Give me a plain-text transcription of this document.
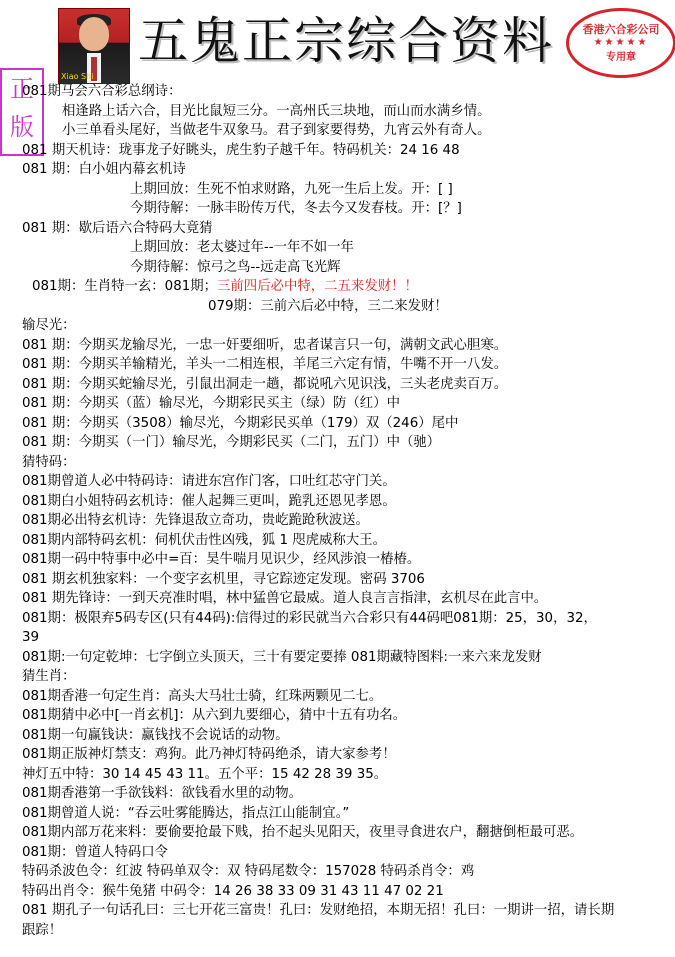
Xiao Shi
五鬼正宗综合资料	香港六合彩公司
★★★★★
专用章
正
版
081期马会六合彩总纲诗：
相逢路上话六合，目光比鼠短三分。一高州氏三块地，而山而水满乡情。
小三单看头尾好，当做老牛双象马。君子到家要得势，九宵云外有奇人。
081 期天机诗：珑事龙子好眺头，虎生豹子越千年。特码机关：24 16 48
081 期：白小姐内幕玄机诗
上期回放：生死不怕求财路，九死一生后上发。开：[ ]
今期待解：一脉丰盼传万代，冬去今又发春枝。开：[？]
081 期：歇后语六合特码大竟猜
上期回放：老太婆过年--一年不如一年
今期待解：惊弓之鸟--远走高飞光辉
081期：生肖特一玄：081期；三前四后必中特，二五来发财！！
079期：三前六后必中特，三二来发财！
输尽光：
081 期：今期买龙输尽光，一忠一奸要细听，忠者谋言只一句，满朝文武心胆寒。
081 期：今期买羊输精光，羊头一二相连根，羊尾三六定有情，牛嘴不开一八发。
081 期：今期买蛇输尽光，引鼠出洞走一趟，都说吼六见识浅，三头老虎卖百万。
081 期：今期买（蓝）输尽光，今期彩民买主（绿）防（红）中
081 期：今期买（3508）输尽光，今期彩民买单（179）双（246）尾中
081 期：今期买（一门）输尽光，今期彩民买（二门，五门）中（驰）
猜特码：
081期曾道人必中特码诗：请进东宫作门客，口吐红芯守门关。
081期白小姐特码玄机诗：催人起舞三更叫，跪乳还恩见孝恩。
081期必出特玄机诗：先锋退敌立奇功，贵屹跪跄秋波送。
081期内部特码玄机：伺机伏击性凶残，狐 1 咫虎威称大王。
081期一码中特事中必中=百：昊牛喘月见识少，经风涉浪一椿椿。
081 期玄机独家料：一个变字玄机里，寻它踪迹定发现。密码 3706
081 期先锋诗：一到天亮准时唱，林中猛兽它最威。道人良言言指津，玄机尽在此言中。
081期：极限弃5码专区(只有44码):信得过的彩民就当六合彩只有44码吧081期：25，30，32，
39
081期:一句定乾坤：七字倒立头顶天，三十有要定要捧 081期藏特图料:一来六来龙发财
猜生肖：
081期香港一句定生肖：高头大马壮士骑，红珠两颗见二七。
081期猜中必中[一肖玄机]：从六到九要细心，猜中十五有功名。
081期一句赢钱诀：赢钱找不会说话的动物。
081期正版神灯禁支：鸡狗。此乃神灯特码绝杀，请大家参考！
神灯五中特：30 14 45 43 11。五个平：15 42 28 39 35。
081期香港第一手欲钱料：欲钱看水里的动物。
081期曾道人说：“吞云吐雾能腾达，指点江山能制宜。”
081期内部万花来料：要偷要抢最下贱，抬不起头见阳天，夜里寻食进农户，翻搪倒柜最可恶。
081期：曾道人特码口令
特码杀波色令：红波 特码单双令：双 特码尾数令：157028 特码杀肖令：鸡
特码出肖令：猴牛兔猪 中码令：14 26 38 33 09 31 43 11 47 02 21
081 期孔子一句话孔曰：三七开花三富贵！孔曰：发财绝招，本期无招！孔曰：一期讲一招，请长期
跟踪！
